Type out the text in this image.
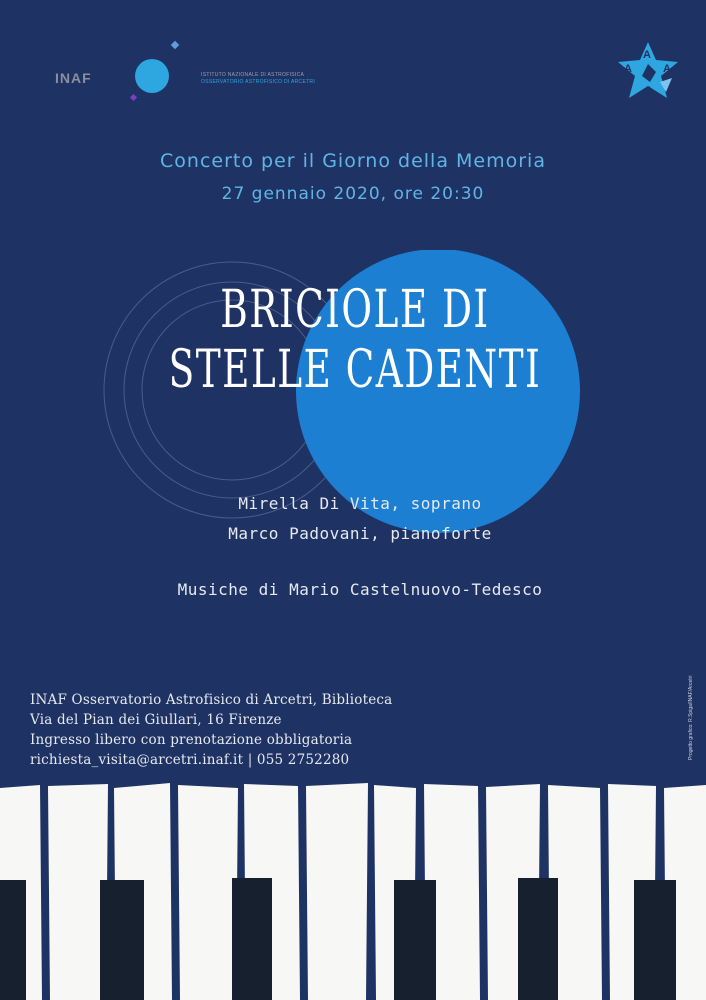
INAF	ISTITUTO NAZIONALE DI ASTROFISICA
OSSERVATORIO ASTROFISICO DI ARCETRI
A
A
A
A
Concerto per il Giorno della Memoria
27 gennaio 2020, ore 20:30
BRICIOLE DI
STELLE CADENTI
Mirella Di Vita, soprano
Marco Padovani, pianoforte
Musiche di Mario Castelnuovo-Tedesco
Progetto grafico: R.Spiga/INAF/Arcetri
INAF Osservatorio Astrofisico di Arcetri, Biblioteca
Via del Pian dei Giullari, 16 Firenze
Ingresso libero con prenotazione obbligatoria
richiesta_visita@arcetri.inaf.it | 055 2752280
